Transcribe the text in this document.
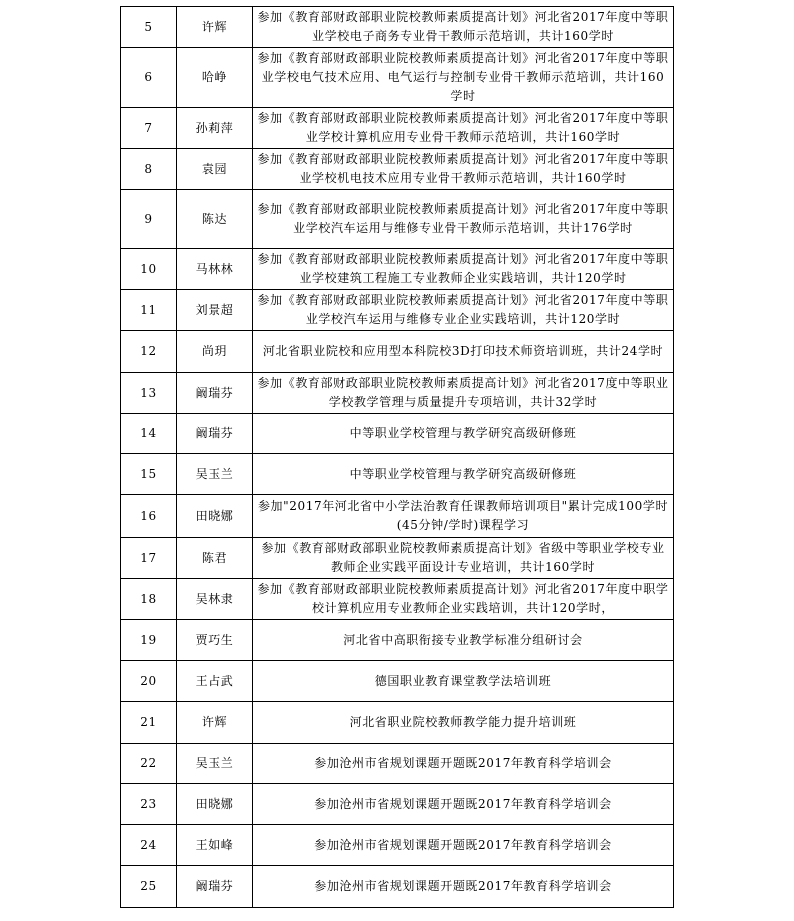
5	许辉	参加《教育部财政部职业院校教师素质提高计划》河北省2017年度中等职业学校电子商务专业骨干教师示范培训，共计160学时
6	哈峥	参加《教育部财政部职业院校教师素质提高计划》河北省2017年度中等职业学校电气技术应用、电气运行与控制专业骨干教师示范培训，共计160学时
7	孙莉萍	参加《教育部财政部职业院校教师素质提高计划》河北省2017年度中等职业学校计算机应用专业骨干教师示范培训，共计160学时
8	袁园	参加《教育部财政部职业院校教师素质提高计划》河北省2017年度中等职业学校机电技术应用专业骨干教师示范培训，共计160学时
9	陈达	参加《教育部财政部职业院校教师素质提高计划》河北省2017年度中等职业学校汽车运用与维修专业骨干教师示范培训，共计176学时
10	马林林	参加《教育部财政部职业院校教师素质提高计划》河北省2017年度中等职业学校建筑工程施工专业教师企业实践培训，共计120学时
11	刘景超	参加《教育部财政部职业院校教师素质提高计划》河北省2017年度中等职业学校汽车运用与维修专业企业实践培训，共计120学时
12	尚玥	河北省职业院校和应用型本科院校3D打印技术师资培训班，共计24学时
13	阚瑞芬	参加《教育部财政部职业院校教师素质提高计划》河北省2017度中等职业学校教学管理与质量提升专项培训，共计32学时
14	阚瑞芬	中等职业学校管理与教学研究高级研修班
15	吴玉兰	中等职业学校管理与教学研究高级研修班
16	田晓娜	参加"2017年河北省中小学法治教育任课教师培训项目"累计完成100学时(45分钟/学时)课程学习
17	陈君	参加《教育部财政部职业院校教师素质提高计划》省级中等职业学校专业教师企业实践平面设计专业培训，共计160学时
18	吴林隶	参加《教育部财政部职业院校教师素质提高计划》河北省2017年度中职学校计算机应用专业教师企业实践培训，共计120学时，
19	贾巧生	河北省中高职衔接专业教学标准分组研讨会
20	王占武	德国职业教育课堂教学法培训班
21	许辉	河北省职业院校教师教学能力提升培训班
22	吴玉兰	参加沧州市省规划课题开题既2017年教育科学培训会
23	田晓娜	参加沧州市省规划课题开题既2017年教育科学培训会
24	王如峰	参加沧州市省规划课题开题既2017年教育科学培训会
25	阚瑞芬	参加沧州市省规划课题开题既2017年教育科学培训会
